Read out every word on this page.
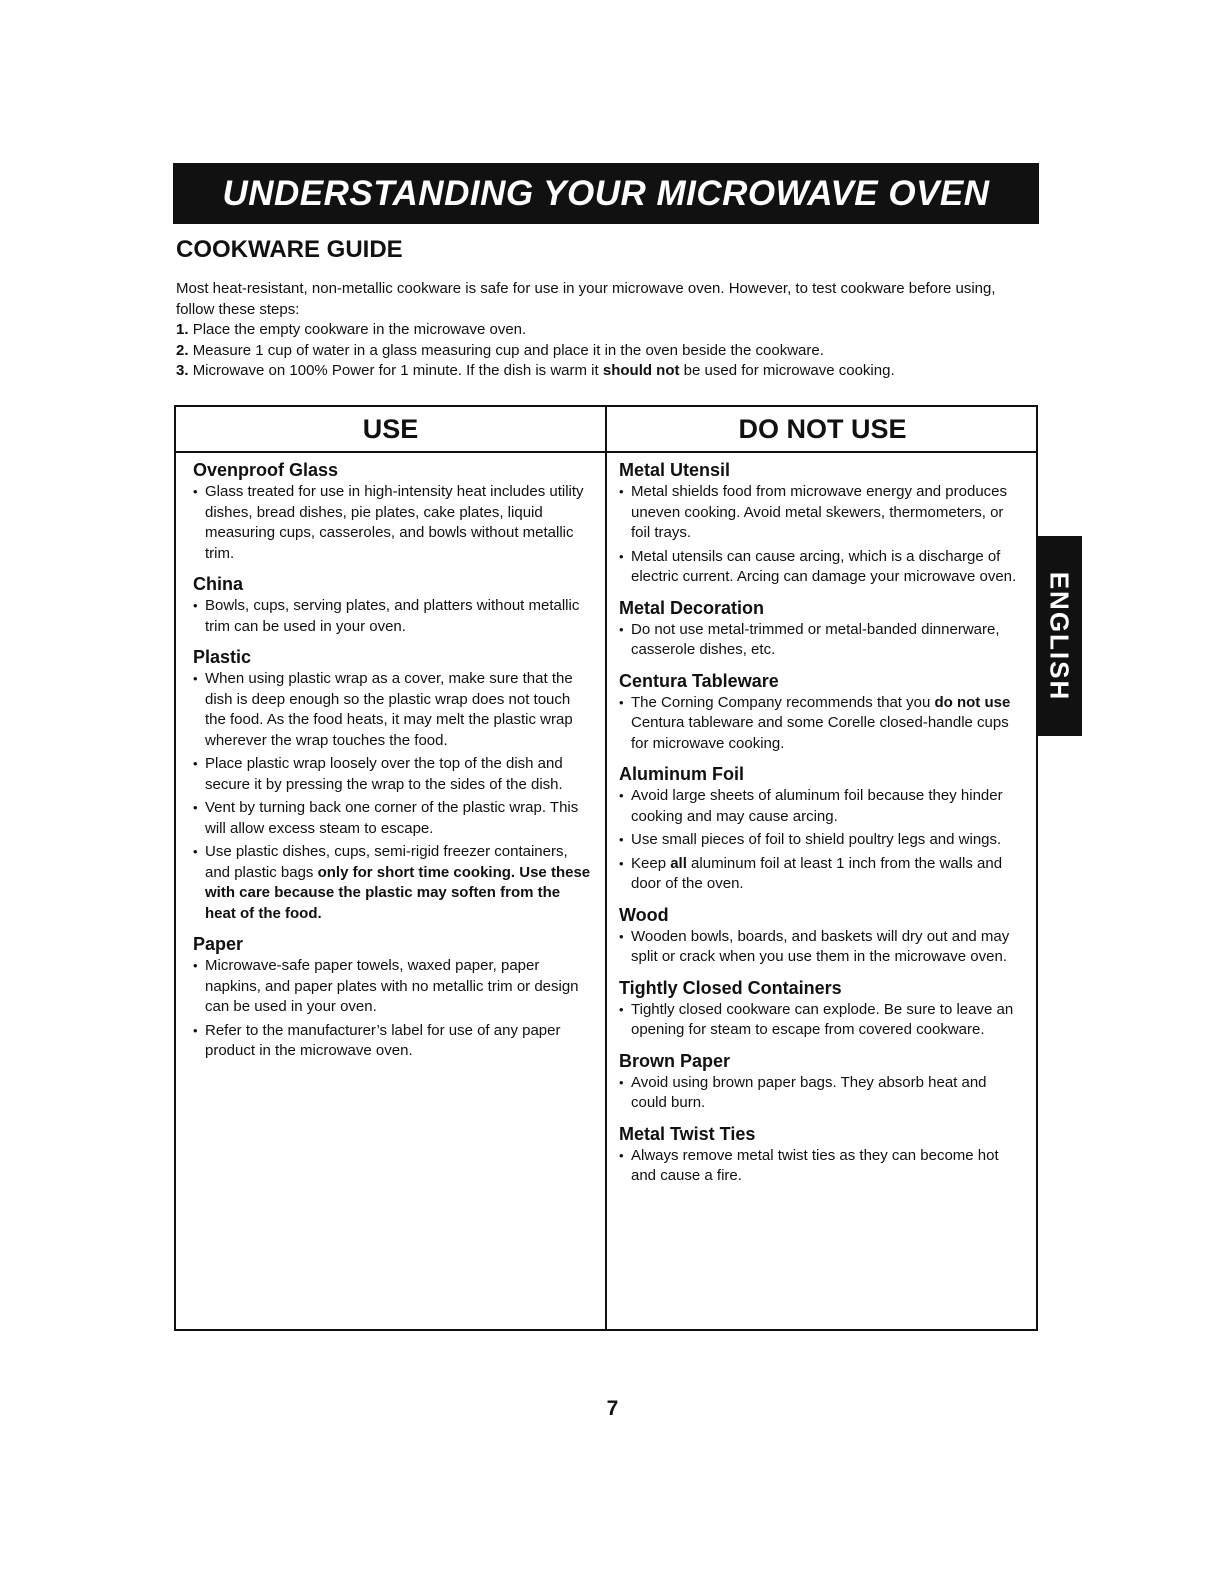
UNDERSTANDING YOUR MICROWAVE OVEN
COOKWARE GUIDE

Most heat-resistant, non-metallic cookware is safe for use in your microwave oven. However, to test cookware before using, follow these steps:

1. Place the empty cookware in the microwave oven.

2. Measure 1 cup of water in a glass measuring cup and place it in the oven beside the cookware.

3. Microwave on 100% Power for 1 minute. If the dish is warm it should not be used for microwave cooking.

USE	DO NOT USE
Ovenproof Glass
• Glass treated for use in high-intensity heat includes utility dishes, bread dishes, pie plates, cake plates, liquid measuring cups, casseroles, and bowls without metallic trim.
China
• Bowls, cups, serving plates, and platters without metallic trim can be used in your oven.
Plastic
• When using plastic wrap as a cover, make sure that the dish is deep enough so the plastic wrap does not touch the food. As the food heats, it may melt the plastic wrap wherever the wrap touches the food.
• Place plastic wrap loosely over the top of the dish and secure it by pressing the wrap to the sides of the dish.
• Vent by turning back one corner of the plastic wrap. This will allow excess steam to escape.
• Use plastic dishes, cups, semi-rigid freezer containers, and plastic bags only for short time cooking. Use these with care because the plastic may soften from the heat of the food.
Paper
• Microwave-safe paper towels, waxed paper, paper napkins, and paper plates with no metallic trim or design can be used in your oven.
• Refer to the manufacturer’s label for use of any paper product in the microwave oven.
Metal Utensil
• Metal shields food from microwave energy and produces uneven cooking. Avoid metal skewers, thermometers, or foil trays.
• Metal utensils can cause arcing, which is a discharge of electric current. Arcing can damage your microwave oven.
Metal Decoration
• Do not use metal-trimmed or metal-banded dinnerware, casserole dishes, etc.
Centura Tableware
• The Corning Company recommends that you do not use Centura tableware and some Corelle closed-handle cups for microwave cooking.
Aluminum Foil
• Avoid large sheets of aluminum foil because they hinder cooking and may cause arcing.
• Use small pieces of foil to shield poultry legs and wings.
• Keep all aluminum foil at least 1 inch from the walls and door of the oven.
Wood
• Wooden bowls, boards, and baskets will dry out and may split or crack when you use them in the microwave oven.
Tightly Closed Containers
• Tightly closed cookware can explode. Be sure to leave an opening for steam to escape from covered cookware.
Brown Paper
• Avoid using brown paper bags. They absorb heat and could burn.
Metal Twist Ties
• Always remove metal twist ties as they can become hot and cause a fire.
ENGLISH
7
